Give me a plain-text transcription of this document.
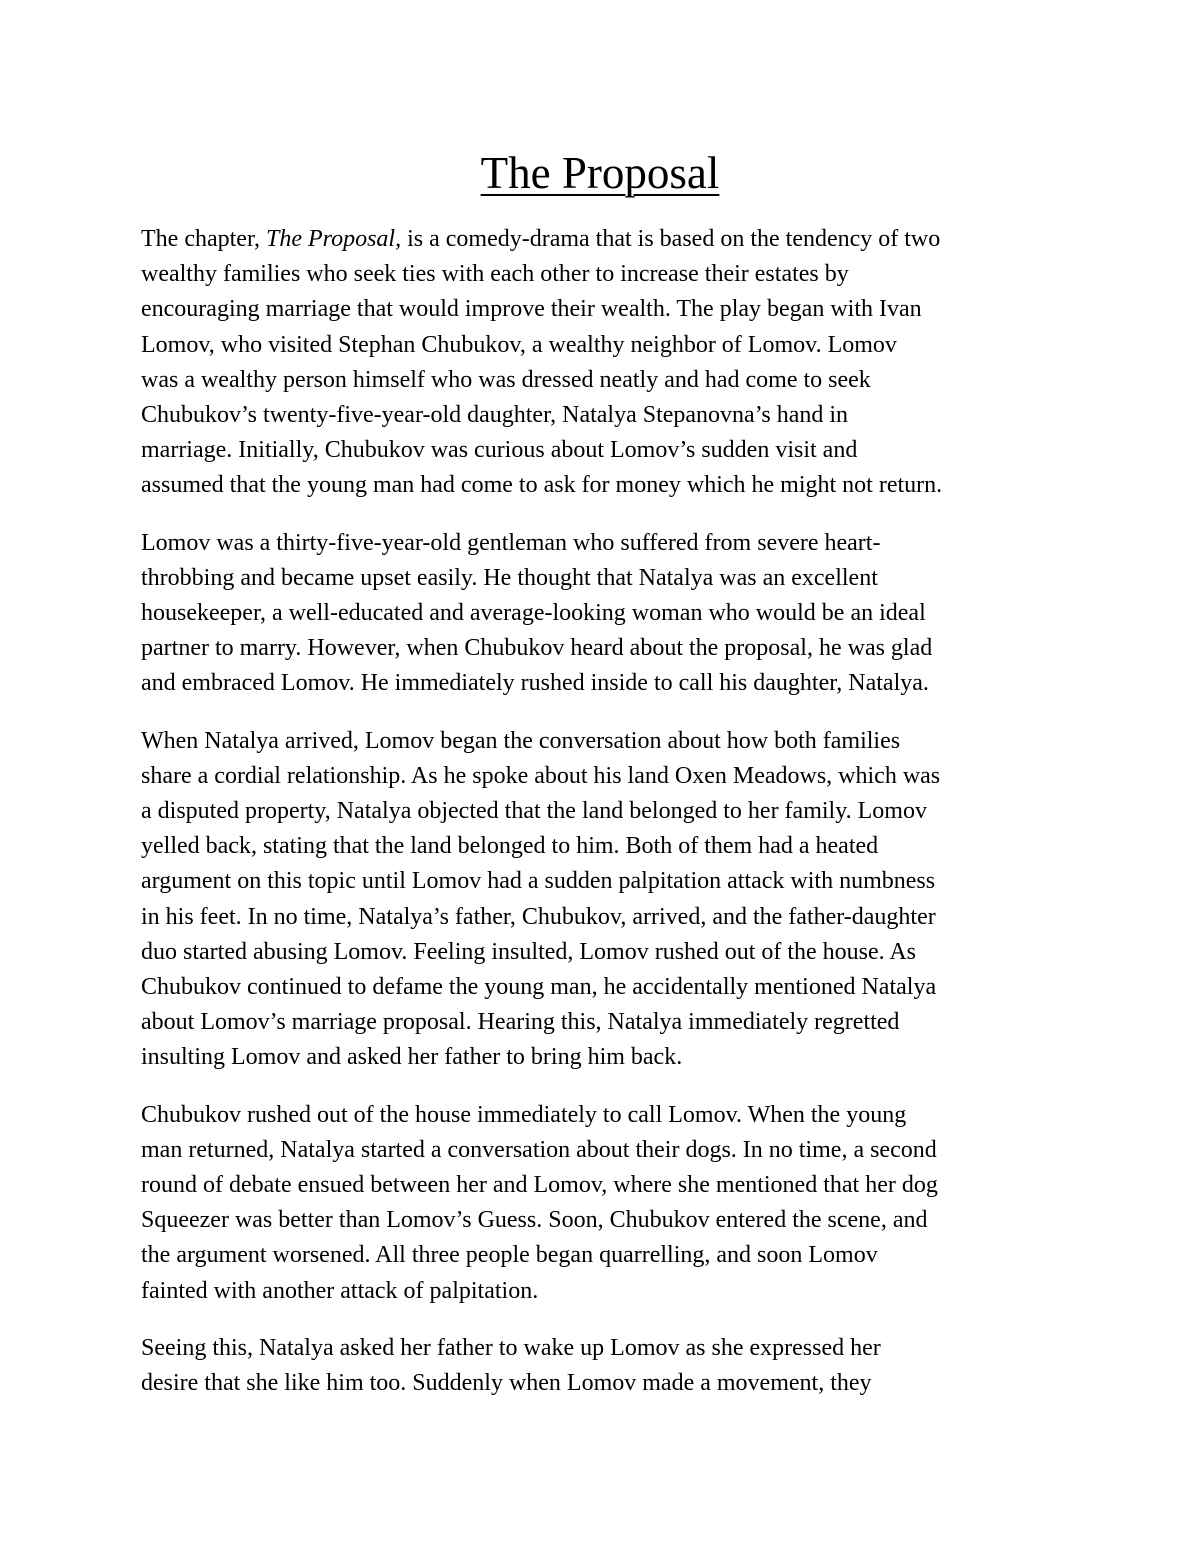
The Proposal

The chapter, The Proposal, is a comedy-drama that is based on the tendency of two
wealthy families who seek ties with each other to increase their estates by
encouraging marriage that would improve their wealth. The play began with Ivan
Lomov, who visited Stephan Chubukov, a wealthy neighbor of Lomov. Lomov
was a wealthy person himself who was dressed neatly and had come to seek
Chubukov’s twenty-five-year-old daughter, Natalya Stepanovna’s hand in
marriage. Initially, Chubukov was curious about Lomov’s sudden visit and
assumed that the young man had come to ask for money which he might not return.

Lomov was a thirty-five-year-old gentleman who suffered from severe heart-
throbbing and became upset easily. He thought that Natalya was an excellent
housekeeper, a well-educated and average-looking woman who would be an ideal
partner to marry. However, when Chubukov heard about the proposal, he was glad
and embraced Lomov. He immediately rushed inside to call his daughter, Natalya.

When Natalya arrived, Lomov began the conversation about how both families
share a cordial relationship. As he spoke about his land Oxen Meadows, which was
a disputed property, Natalya objected that the land belonged to her family. Lomov
yelled back, stating that the land belonged to him. Both of them had a heated
argument on this topic until Lomov had a sudden palpitation attack with numbness
in his feet. In no time, Natalya’s father, Chubukov, arrived, and the father-daughter
duo started abusing Lomov. Feeling insulted, Lomov rushed out of the house. As
Chubukov continued to defame the young man, he accidentally mentioned Natalya
about Lomov’s marriage proposal. Hearing this, Natalya immediately regretted
insulting Lomov and asked her father to bring him back.

Chubukov rushed out of the house immediately to call Lomov. When the young
man returned, Natalya started a conversation about their dogs. In no time, a second
round of debate ensued between her and Lomov, where she mentioned that her dog
Squeezer was better than Lomov’s Guess. Soon, Chubukov entered the scene, and
the argument worsened. All three people began quarrelling, and soon Lomov
fainted with another attack of palpitation.

Seeing this, Natalya asked her father to wake up Lomov as she expressed her
desire that she like him too. Suddenly when Lomov made a movement, they
